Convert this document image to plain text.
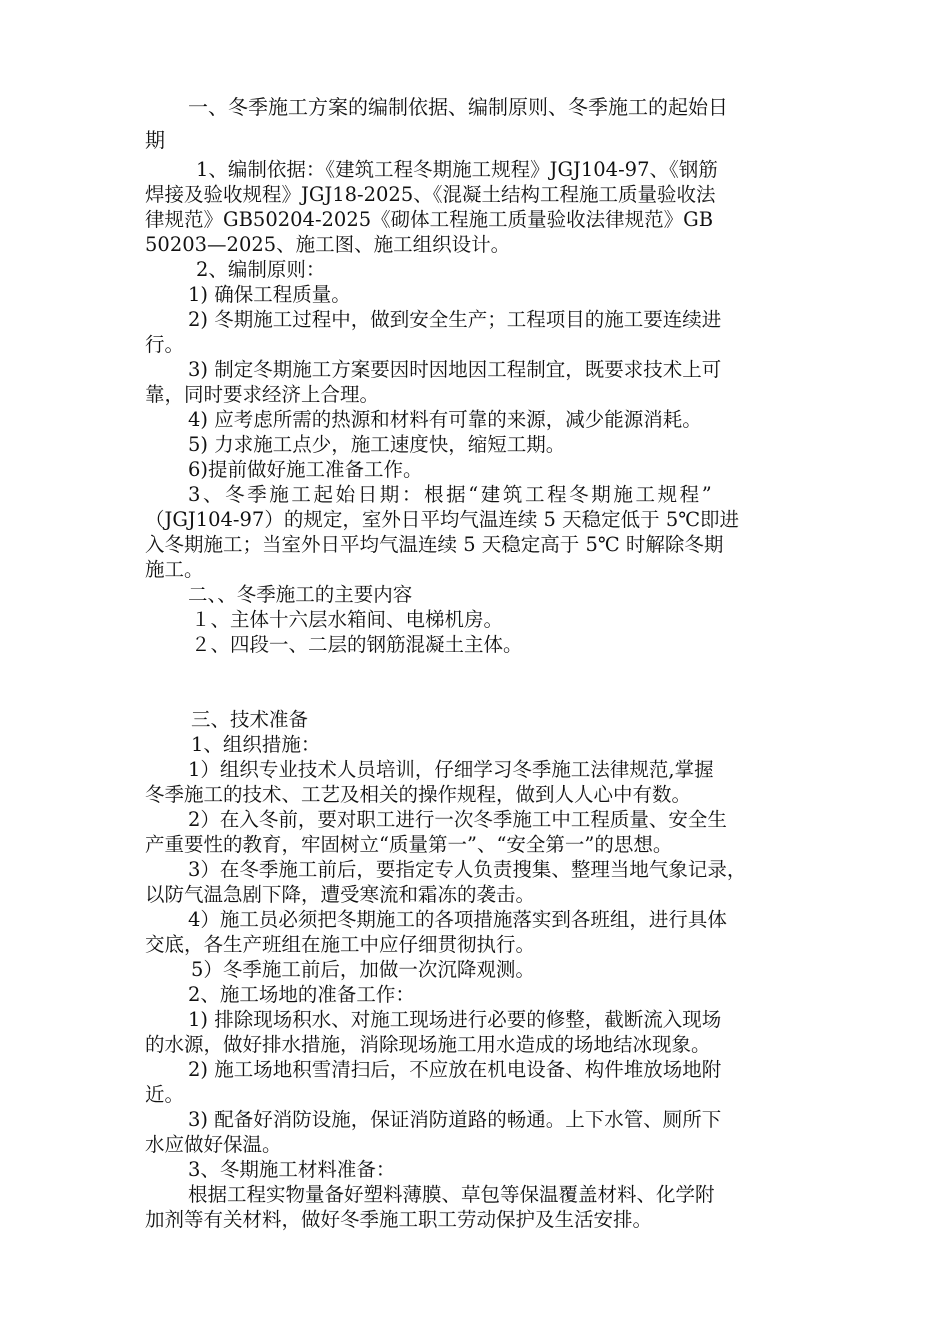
一、冬季施工方案的编制依据、编制原则、冬季施工的起始日

期

1、编制依据：《建筑工程冬期施工规程》JGJ104-97、《钢筋

焊接及验收规程》JGJ18-2025、《混凝土结构工程施工质量验收法

律规范》GB50204-2025《砌体工程施工质量验收法律规范》GB

50203—2025、施工图、施工组织设计。

2、编制原则：

1) 确保工程质量。

2) 冬期施工过程中，做到安全生产；工程项目的施工要连续进

行。

3) 制定冬期施工方案要因时因地因工程制宜，既要求技术上可

靠，同时要求经济上合理。

4) 应考虑所需的热源和材料有可靠的来源，减少能源消耗。

5) 力求施工点少，施工速度快，缩短工期。

6)提前做好施工准备工作。

3、冬季施工起始日期：根据“建筑工程冬期施工规程”

（JGJ104-97）的规定，室外日平均气温连续 5 天稳定低于 5℃即进

入冬期施工；当室外日平均气温连续 5 天稳定高于 5℃ 时解除冬期

施工。

二、、冬季施工的主要内容

１、主体十六层水箱间、电梯机房。

２、四段一、二层的钢筋混凝土主体。

三、技术准备

1、组织措施：

1）组织专业技术人员培训，仔细学习冬季施工法律规范,掌握

冬季施工的技术、工艺及相关的操作规程，做到人人心中有数。

2）在入冬前，要对职工进行一次冬季施工中工程质量、安全生

产重要性的教育，牢固树立“质量第一”、“安全第一”的思想。

3）在冬季施工前后，要指定专人负责搜集、整理当地气象记录，

以防气温急剧下降，遭受寒流和霜冻的袭击。

4）施工员必须把冬期施工的各项措施落实到各班组，进行具体

交底，各生产班组在施工中应仔细贯彻执行。

5）冬季施工前后，加做一次沉降观测。

2、施工场地的准备工作：

1) 排除现场积水、对施工现场进行必要的修整，截断流入现场

的水源，做好排水措施，消除现场施工用水造成的场地结冰现象。

2) 施工场地积雪清扫后，不应放在机电设备、构件堆放场地附

近。

3) 配备好消防设施，保证消防道路的畅通。上下水管、厕所下

水应做好保温。

3、冬期施工材料准备：

根据工程实物量备好塑料薄膜、草包等保温覆盖材料、化学附

加剂等有关材料，做好冬季施工职工劳动保护及生活安排。
